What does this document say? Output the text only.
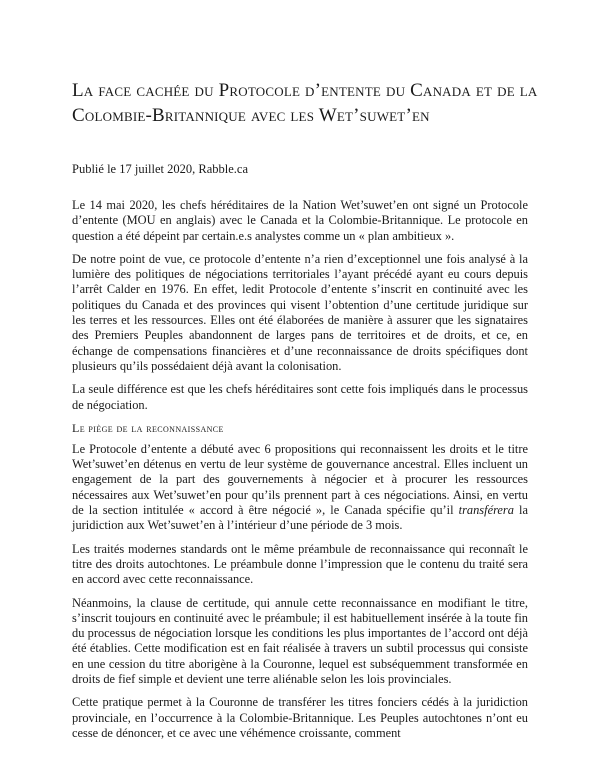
La face cachée du Protocole d’entente du Canada et de la Colombie-Britannique avec les Wet’suwet’en
Publié le 17 juillet 2020, Rabble.ca

Le 14 mai 2020, les chefs héréditaires de la Nation Wet’suwet’en ont signé un Protocole d’entente (MOU en anglais) avec le Canada et la Colombie-Britannique. Le protocole en question a été dépeint par certain.e.s analystes comme un « plan ambitieux ».

De notre point de vue, ce protocole d’entente n’a rien d’exceptionnel une fois analysé à la lumière des politiques de négociations territoriales l’ayant précédé ayant eu cours depuis l’arrêt Calder en 1976. En effet, ledit Protocole d’entente s’inscrit en continuité avec les politiques du Canada et des provinces qui visent l’obtention d’une certitude juridique sur les terres et les ressources. Elles ont été élaborées de manière à assurer que les signataires des Premiers Peuples abandonnent de larges pans de territoires et de droits, et ce, en échange de compensations financières et d’une reconnaissance de droits spécifiques dont plusieurs qu’ils possédaient déjà avant la colonisation.

La seule différence est que les chefs héréditaires sont cette fois impliqués dans le processus de négociation.

Le piège de la reconnaissance

Le Protocole d’entente a débuté avec 6 propositions qui reconnaissent les droits et le titre Wet’suwet’en détenus en vertu de leur système de gouvernance ancestral. Elles incluent un engagement de la part des gouvernements à négocier et à procurer les ressources nécessaires aux Wet’suwet’en pour qu’ils prennent part à ces négociations. Ainsi, en vertu de la section intitulée « accord à être négocié », le Canada spécifie qu’il transférera la juridiction aux Wet’suwet’en à l’intérieur d’une période de 3 mois.

Les traités modernes standards ont le même préambule de reconnaissance qui reconnaît le titre des droits autochtones. Le préambule donne l’impression que le contenu du traité sera en accord avec cette reconnaissance.

Néanmoins, la clause de certitude, qui annule cette reconnaissance en modifiant le titre, s’inscrit toujours en continuité avec le préambule; il est habituellement insérée à la toute fin du processus de négociation lorsque les conditions les plus importantes de l’accord ont déjà été établies. Cette modification est en fait réalisée à travers un subtil processus qui consiste en une cession du titre aborigène à la Couronne, lequel est subséquemment transformée en droits de fief simple et devient une terre aliénable selon les lois provinciales.

Cette pratique permet à la Couronne de transférer les titres fonciers cédés à la juridiction provinciale, en l’occurrence à la Colombie-Britannique. Les Peuples autochtones n’ont eu cesse de dénoncer, et ce avec une véhémence croissante, comment
